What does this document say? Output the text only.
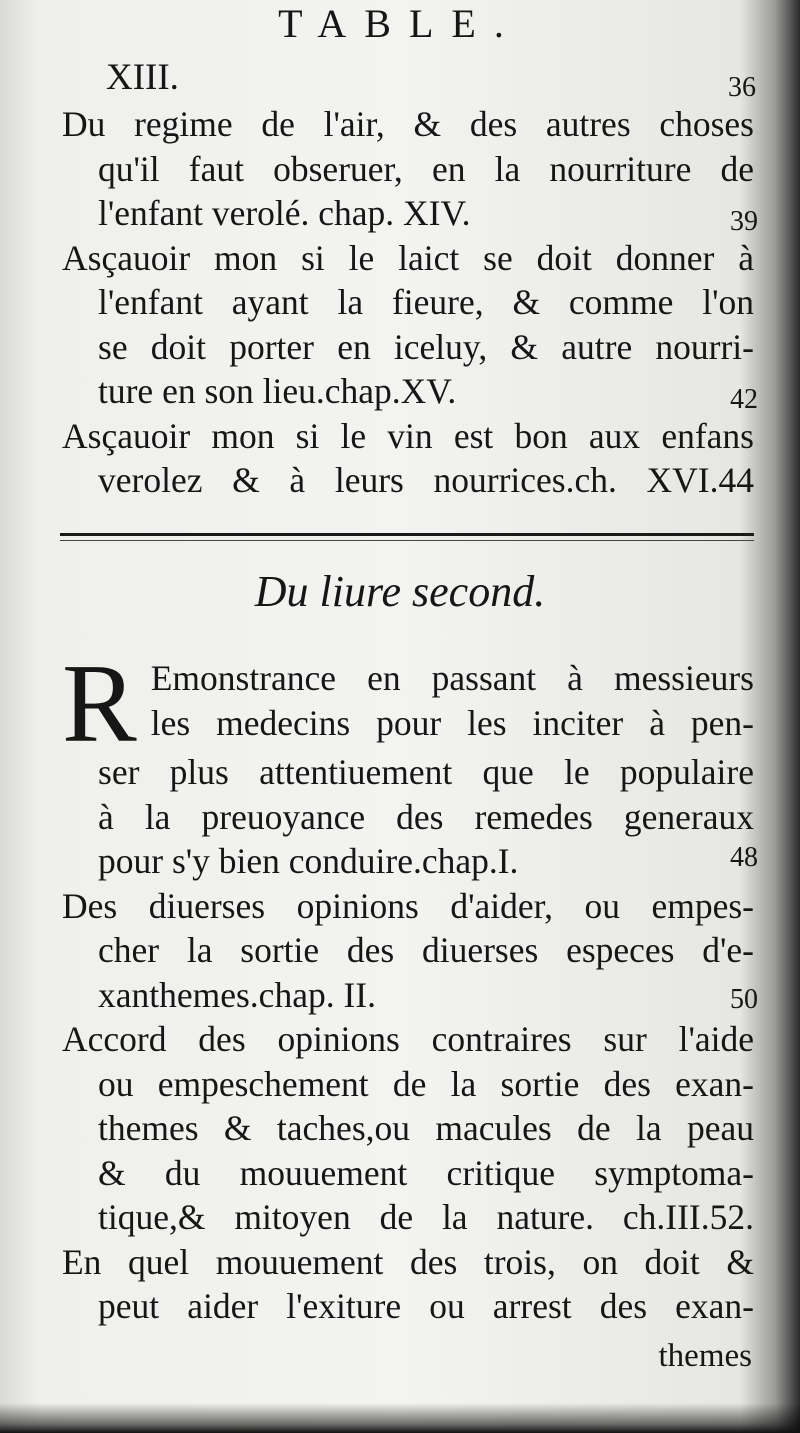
TABLE.
XIII.	36
Du regime de l'air, & des autres choses
qu'il faut obseruer, en la nourriture de
l'enfant verolé. chap. XIV.	39
Asçauoir mon si le laict se doit donner à
l'enfant ayant la fieure, & comme l'on
se doit porter en iceluy, & autre nourri-
ture en son lieu.chap.XV.	42
Asçauoir mon si le vin est bon aux enfans
verolez & à leurs nourrices.ch. XVI.44
Du liure second.
R Emonstrance en passant à messieurs
les medecins pour les inciter à pen-
ser plus attentiuement que le populaire
à la preuoyance des remedes generaux
pour s'y bien conduire.chap.I.	48
Des diuerses opinions d'aider, ou empes-
cher la sortie des diuerses especes d'e-
xanthemes.chap. II.	50
Accord des opinions contraires sur l'aide
ou empeschement de la sortie des exan-
themes & taches,ou macules de la peau
& du mouuement critique symptoma-
tique,& mitoyen de la nature. ch.III.52.
En quel mouuement des trois, on doit &
peut aider l'exiture ou arrest des exan-
themes
